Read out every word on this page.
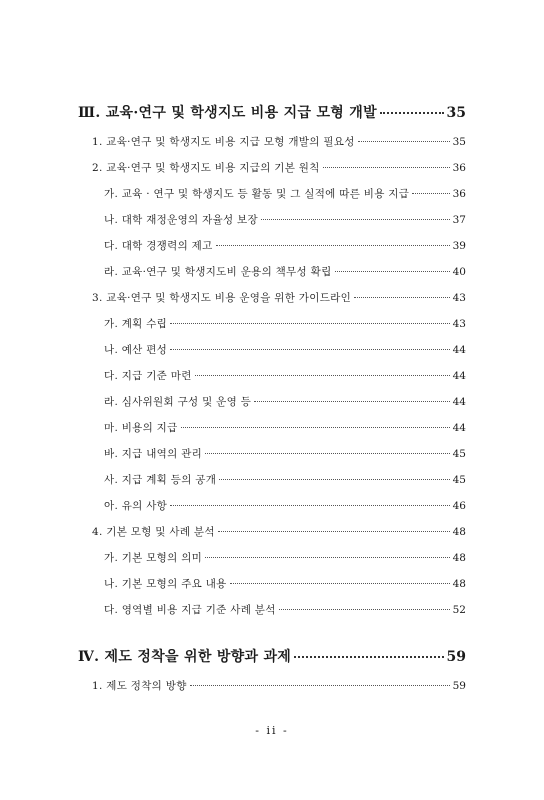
Ⅲ. 교육·연구 및 학생지도 비용 지급 모형 개발	35
1. 교육·연구 및 학생지도 비용 지급 모형 개발의 필요성	35
2. 교육·연구 및 학생지도 비용 지급의 기본 원칙	36
가. 교육 · 연구 및 학생지도 등 활동 및 그 실적에 따른 비용 지급	36
나. 대학 재정운영의 자율성 보장	37
다. 대학 경쟁력의 제고	39
라. 교육·연구 및 학생지도비 운용의 책무성 확립	40
3. 교육·연구 및 학생지도 비용 운영을 위한 가이드라인	43
가. 계획 수립	43
나. 예산 편성	44
다. 지급 기준 마련	44
라. 심사위원회 구성 및 운영 등	44
마. 비용의 지급	44
바. 지급 내역의 관리	45
사. 지급 계획 등의 공개	45
아. 유의 사항	46
4. 기본 모형 및 사례 분석	48
가. 기본 모형의 의미	48
나. 기본 모형의 주요 내용	48
다. 영역별 비용 지급 기준 사례 분석	52
Ⅳ. 제도 정착을 위한 방향과 과제	59
1. 제도 정착의 방향	59
- ii -
